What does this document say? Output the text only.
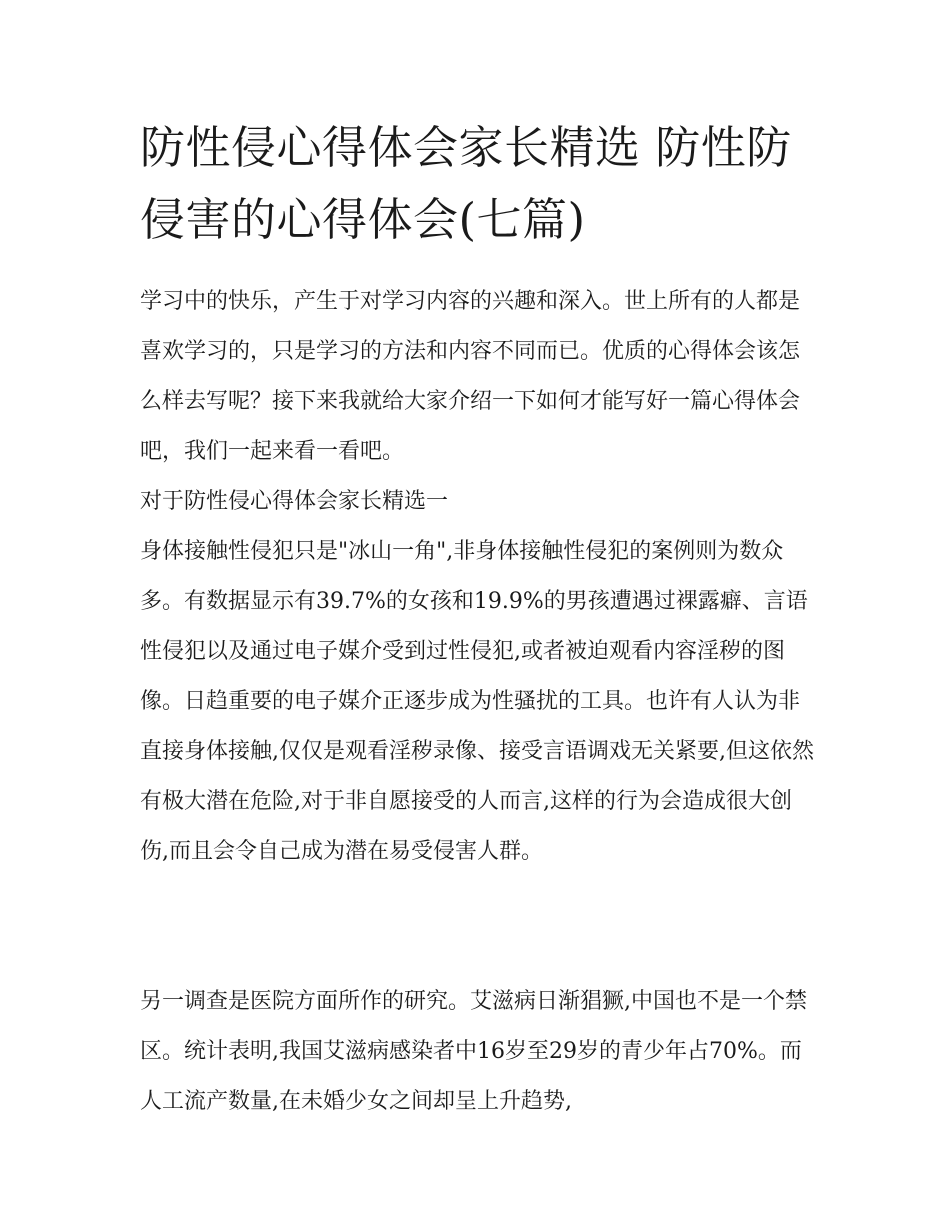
防性侵心得体会家长精选 防性防侵害的心得体会(七篇)

学习中的快乐，产生于对学习内容的兴趣和深入。世上所有的人都是喜欢学习的，只是学习的方法和内容不同而已。优质的心得体会该怎么样去写呢？接下来我就给大家介绍一下如何才能写好一篇心得体会吧，我们一起来看一看吧。

对于防性侵心得体会家长精选一

身体接触性侵犯只是"冰山一角",非身体接触性侵犯的案例则为数众多。有数据显示有39.7%的女孩和19.9%的男孩遭遇过裸露癖、言语性侵犯以及通过电子媒介受到过性侵犯,或者被迫观看内容淫秽的图像。日趋重要的电子媒介正逐步成为性骚扰的工具。也许有人认为非直接身体接触,仅仅是观看淫秽录像、接受言语调戏无关紧要,但这依然有极大潜在危险,对于非自愿接受的人而言,这样的行为会造成很大创伤,而且会令自己成为潜在易受侵害人群。

另一调查是医院方面所作的研究。艾滋病日渐猖獗,中国也不是一个禁区。统计表明,我国艾滋病感染者中16岁至29岁的青少年占70%。而人工流产数量,在未婚少女之间却呈上升趋势,
